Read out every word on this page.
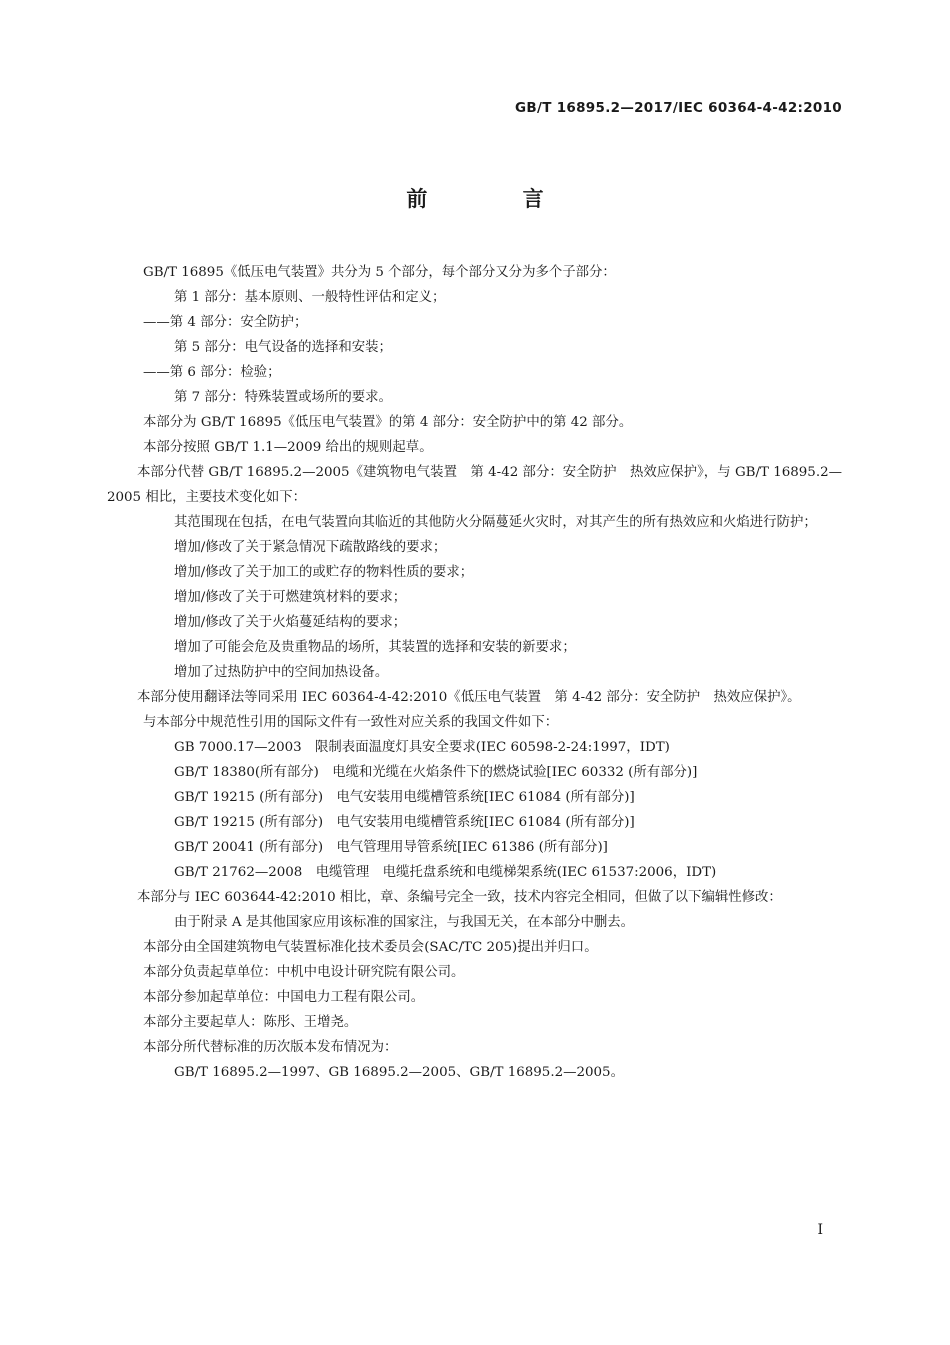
GB/T 16895.2—2017/IEC 60364-4-42:2010
前 言

GB/T 16895《低压电气装置》共分为 5 个部分，每个部分又分为多个子部分：

第 1 部分：基本原则、一般特性评估和定义；

——第 4 部分：安全防护；

第 5 部分：电气设备的选择和安装；

——第 6 部分：检验；

第 7 部分：特殊装置或场所的要求。

本部分为 GB/T 16895《低压电气装置》的第 4 部分：安全防护中的第 42 部分。

本部分按照 GB/T 1.1—2009 给出的规则起草。

本部分代替 GB/T 16895.2—2005《建筑物电气装置　第 4-42 部分：安全防护　热效应保护》，与 GB/T 16895.2—2005 相比，主要技术变化如下：

其范围现在包括，在电气装置向其临近的其他防火分隔蔓延火灾时，对其产生的所有热效应和火焰进行防护；

增加/修改了关于紧急情况下疏散路线的要求；

增加/修改了关于加工的或贮存的物料性质的要求；

增加/修改了关于可燃建筑材料的要求；

增加/修改了关于火焰蔓延结构的要求；

增加了可能会危及贵重物品的场所，其装置的选择和安装的新要求；

增加了过热防护中的空间加热设备。

本部分使用翻译法等同采用 IEC 60364-4-42:2010《低压电气装置　第 4-42 部分：安全防护　热效应保护》。

与本部分中规范性引用的国际文件有一致性对应关系的我国文件如下：

GB 7000.17—2003　限制表面温度灯具安全要求(IEC 60598-2-24:1997，IDT)

GB/T 18380(所有部分)　电缆和光缆在火焰条件下的燃烧试验[IEC 60332 (所有部分)]

GB/T 19215 (所有部分)　电气安装用电缆槽管系统[IEC 61084 (所有部分)]

GB/T 19215 (所有部分)　电气安装用电缆槽管系统[IEC 61084 (所有部分)]

GB/T 20041 (所有部分)　电气管理用导管系统[IEC 61386 (所有部分)]

GB/T 21762—2008　电缆管理　电缆托盘系统和电缆梯架系统(IEC 61537:2006，IDT)

本部分与 IEC 603644-42:2010 相比，章、条编号完全一致，技术内容完全相同，但做了以下编辑性修改：

由于附录 A 是其他国家应用该标准的国家注，与我国无关，在本部分中删去。

本部分由全国建筑物电气装置标准化技术委员会(SAC/TC 205)提出并归口。

本部分负责起草单位：中机中电设计研究院有限公司。

本部分参加起草单位：中国电力工程有限公司。

本部分主要起草人：陈彤、王增尧。

本部分所代替标准的历次版本发布情况为：

GB/T 16895.2—1997、GB 16895.2—2005、GB/T 16895.2—2005。

I
